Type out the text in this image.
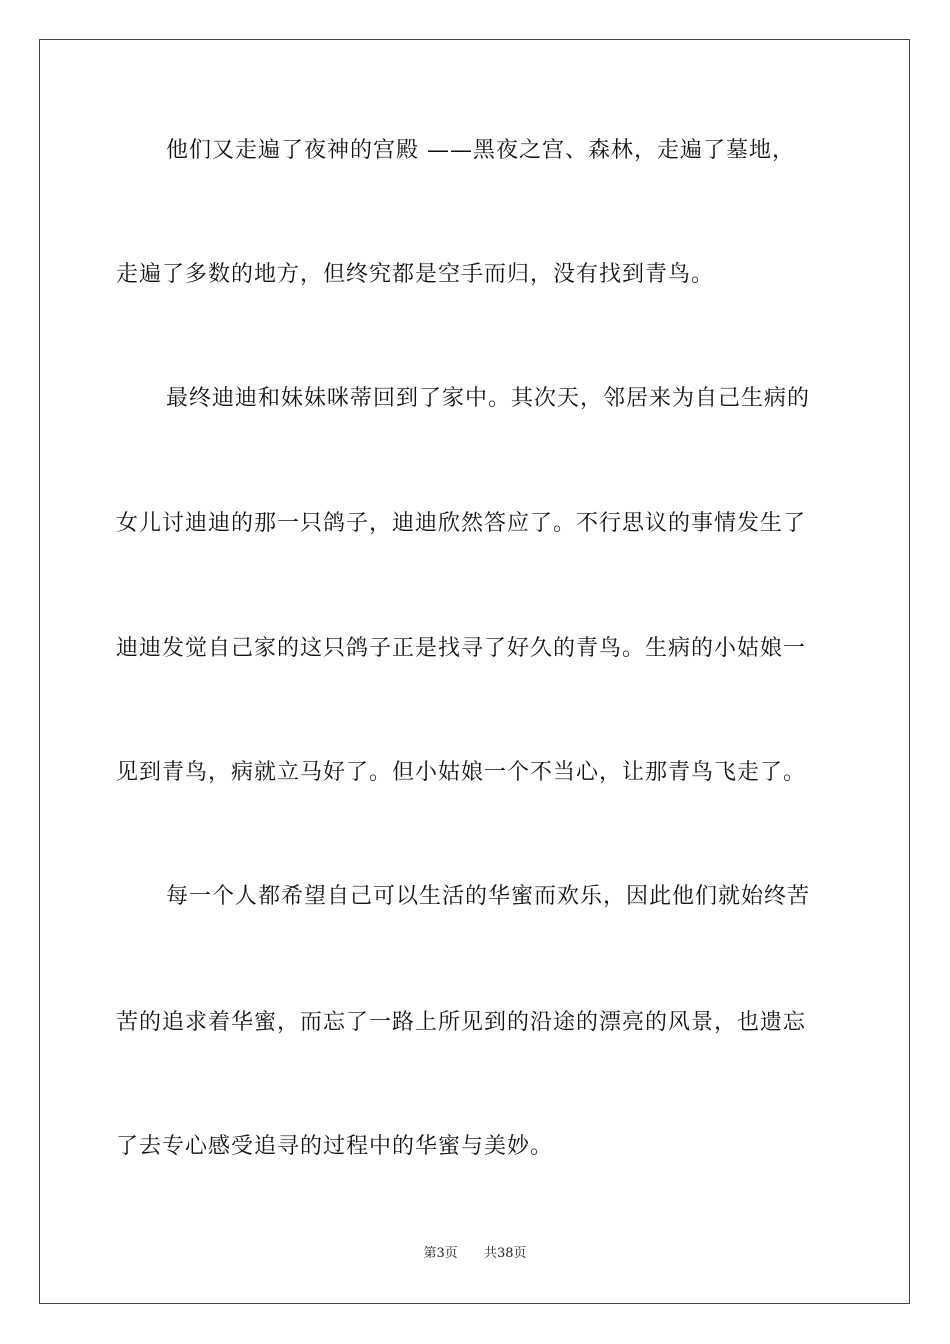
他们又走遍了夜神的宫殿 ——黑夜之宫、森林，走遍了墓地，
走遍了多数的地方，但终究都是空手而归，没有找到青鸟。
最终迪迪和妹妹咪蒂回到了家中。其次天，邻居来为自己生病的
女儿讨迪迪的那一只鸽子，迪迪欣然答应了。不行思议的事情发生了
迪迪发觉自己家的这只鸽子正是找寻了好久的青鸟。生病的小姑娘一
见到青鸟，病就立马好了。但小姑娘一个不当心，让那青鸟飞走了。
每一个人都希望自己可以生活的华蜜而欢乐，因此他们就始终苦
苦的追求着华蜜，而忘了一路上所见到的沿途的漂亮的风景，也遗忘
了去专心感受追寻的过程中的华蜜与美妙。
第3页 共38页
